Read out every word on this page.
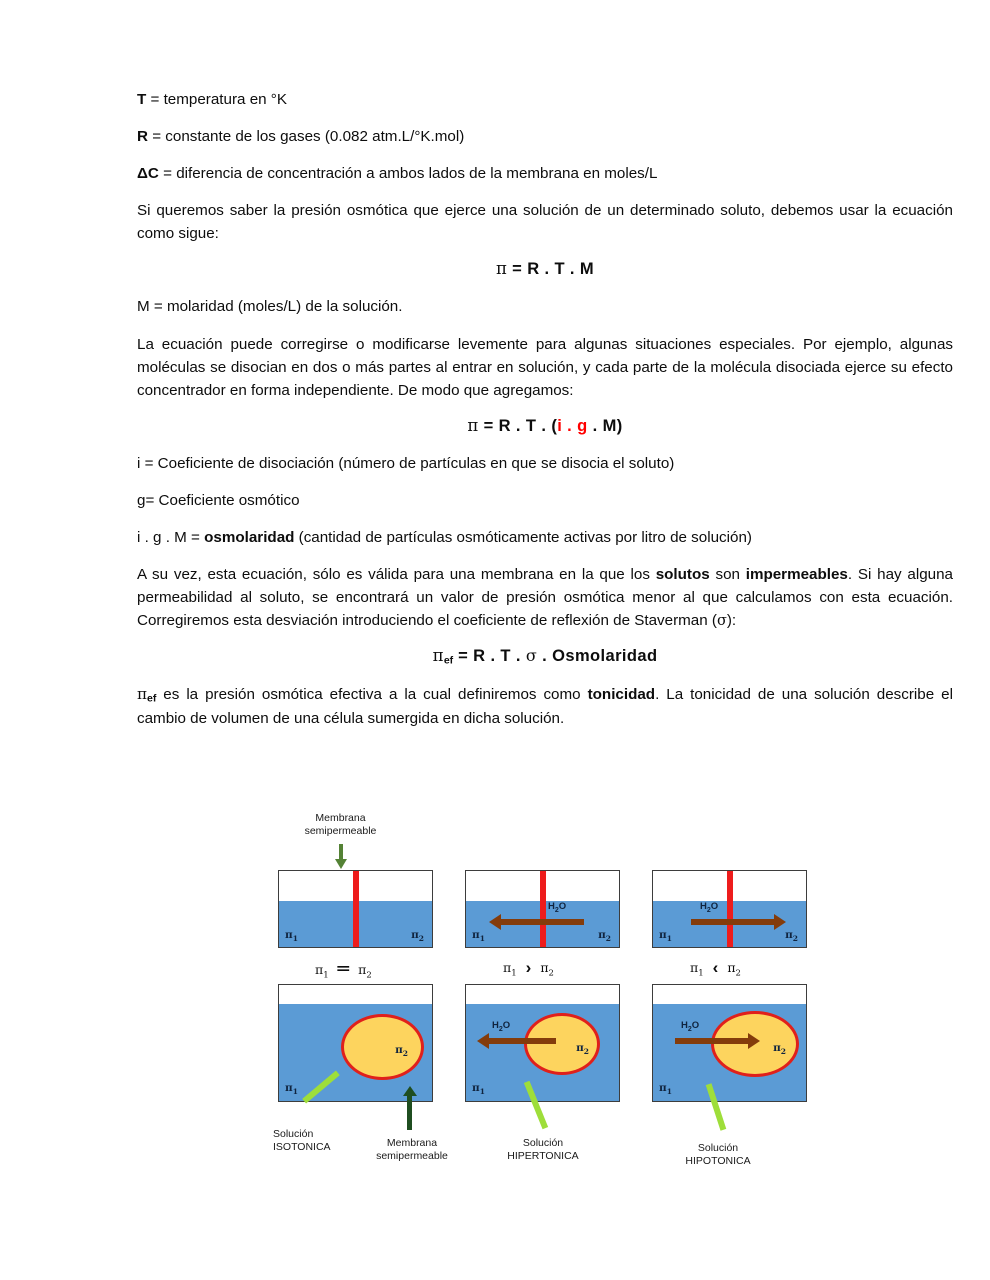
T = temperatura en °K

R = constante de los gases (0.082 atm.L/°K.mol)

ΔC = diferencia de concentración a ambos lados de la membrana en moles/L

Si queremos saber la presión osmótica que ejerce una solución de un determinado soluto, debemos usar la ecuación como sigue:

π = R . T . M

M = molaridad (moles/L) de la solución.

La ecuación puede corregirse o modificarse levemente para algunas situaciones especiales. Por ejemplo, algunas moléculas se disocian en dos o más partes al entrar en solución, y cada parte de la molécula disociada ejerce su efecto concentrador en forma independiente. De modo que agregamos:

π = R . T . (i . g . M)

i = Coeficiente de disociación (número de partículas en que se disocia el soluto)

g= Coeficiente osmótico

i . g . M = osmolaridad (cantidad de partículas osmóticamente activas por litro de solución)

A su vez, esta ecuación, sólo es válida para una membrana en la que los solutos son impermeables. Si hay alguna permeabilidad al soluto, se encontrará un valor de presión osmótica menor al que calculamos con esta ecuación. Corregiremos esta desviación introduciendo el coeficiente de reflexión de Staverman (σ):

$\pi_{ef} = R$ . T . σ . Osmolaridad

$\pi_{ef}$ es la presión osmótica efectiva a la cual definiremos como tonicidad. La tonicidad de una solución describe el cambio de volumen de una célula sumergida en dicha solución.

Membrana
semipermeable
$\pi_1$	$\pi_2$
$\pi_1$ ═ $\pi_2$
$H_2O$
$\pi_1$	$\pi_2$
$\pi_1$ › $\pi_2$
$H_2O$
$\pi_1$	$\pi_2$
$\pi_1$ ‹ $\pi_2$
$\pi_2$
$\pi_1$
Solución
ISOTONICA	Membrana
semipermeable
$\pi_2$
$H_2O$
$\pi_1$
Solución
HIPERTONICA
$\pi_2$
$H_2O$
$\pi_1$
Solución
HIPOTONICA
